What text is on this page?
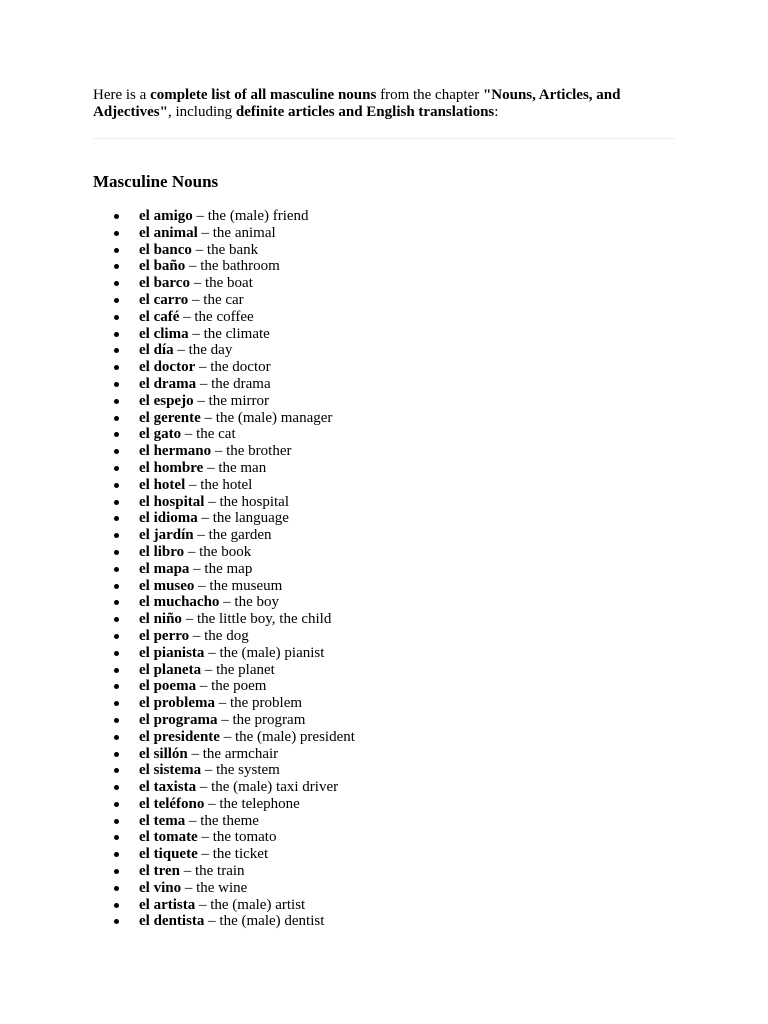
Here is a complete list of all masculine nouns from the chapter "Nouns, Articles, and Adjectives", including definite articles and English translations:

Masculine Nouns
el amigo – the (male) friend
el animal – the animal
el banco – the bank
el baño – the bathroom
el barco – the boat
el carro – the car
el café – the coffee
el clima – the climate
el día – the day
el doctor – the doctor
el drama – the drama
el espejo – the mirror
el gerente – the (male) manager
el gato – the cat
el hermano – the brother
el hombre – the man
el hotel – the hotel
el hospital – the hospital
el idioma – the language
el jardín – the garden
el libro – the book
el mapa – the map
el museo – the museum
el muchacho – the boy
el niño – the little boy, the child
el perro – the dog
el pianista – the (male) pianist
el planeta – the planet
el poema – the poem
el problema – the problem
el programa – the program
el presidente – the (male) president
el sillón – the armchair
el sistema – the system
el taxista – the (male) taxi driver
el teléfono – the telephone
el tema – the theme
el tomate – the tomato
el tiquete – the ticket
el tren – the train
el vino – the wine
el artista – the (male) artist
el dentista – the (male) dentist
